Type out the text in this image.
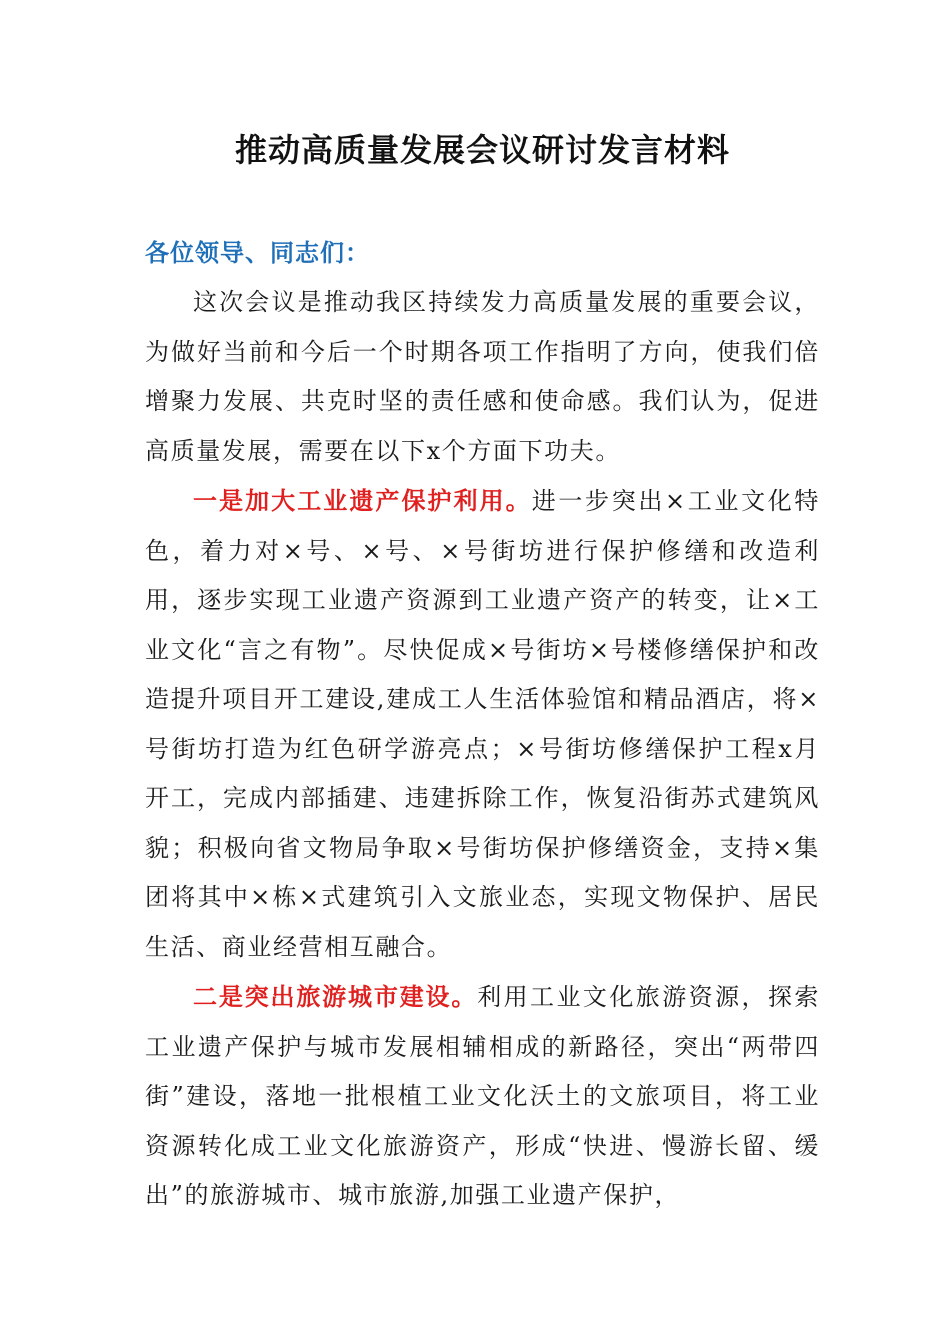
推动高质量发展会议研讨发言材料
各位领导、同志们：

这次会议是推动我区持续发力高质量发展的重要会议，为做好当前和今后一个时期各项工作指明了方向，使我们倍增聚力发展、共克时坚的责任感和使命感。我们认为，促进高质量发展，需要在以下x个方面下功夫。

一是加大工业遗产保护利用。进一步突出×工业文化特色，着力对×号、×号、×号街坊进行保护修缮和改造利用，逐步实现工业遗产资源到工业遗产资产的转变，让×工业文化“言之有物”。尽快促成×号街坊×号楼修缮保护和改造提升项目开工建设,建成工人生活体验馆和精品酒店，将×号街坊打造为红色研学游亮点；×号街坊修缮保护工程x月开工，完成内部插建、违建拆除工作，恢复沿街苏式建筑风貌；积极向省文物局争取×号街坊保护修缮资金，支持×集团将其中×栋×式建筑引入文旅业态，实现文物保护、居民生活、商业经营相互融合。

二是突出旅游城市建设。利用工业文化旅游资源，探索工业遗产保护与城市发展相辅相成的新路径，突出“两带四街”建设，落地一批根植工业文化沃土的文旅项目，将工业资源转化成工业文化旅游资产，形成“快进、慢游长留、缓出”的旅游城市、城市旅游,加强工业遗产保护，
